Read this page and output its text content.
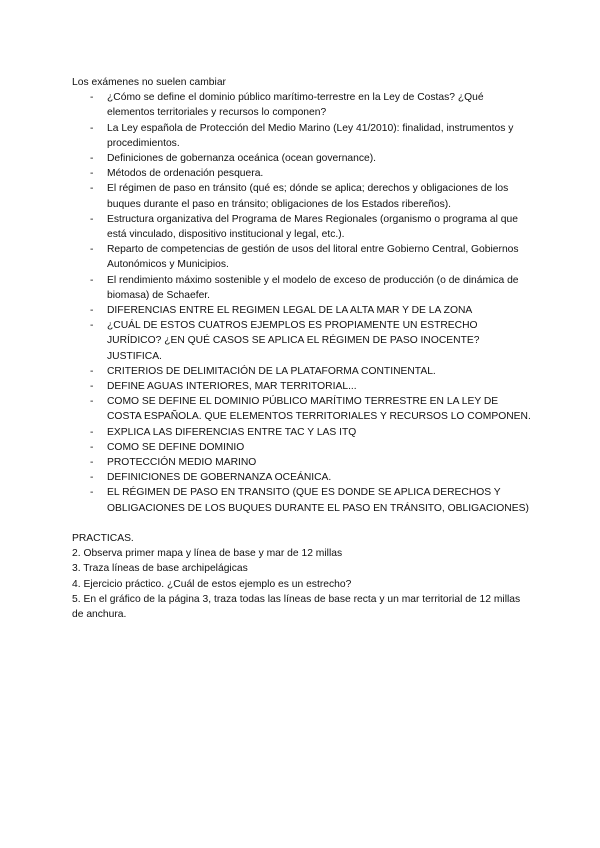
Los exámenes no suelen cambiar

- ¿Cómo se define el dominio público marítimo-terrestre en la Ley de Costas? ¿Qué elementos territoriales y recursos lo componen?
- La Ley española de Protección del Medio Marino (Ley 41/2010): finalidad, instrumentos y procedimientos.
- Definiciones de gobernanza oceánica (ocean governance).
- Métodos de ordenación pesquera.
- El régimen de paso en tránsito (qué es; dónde se aplica; derechos y obligaciones de los buques durante el paso en tránsito; obligaciones de los Estados ribereños).
- Estructura organizativa del Programa de Mares Regionales (organismo o programa al que está vinculado, dispositivo institucional y legal, etc.).
- Reparto de competencias de gestión de usos del litoral entre Gobierno Central, Gobiernos Autonómicos y Municipios.
- El rendimiento máximo sostenible y el modelo de exceso de producción (o de dinámica de biomasa) de Schaefer.
- DIFERENCIAS ENTRE EL REGIMEN LEGAL DE LA ALTA MAR Y DE LA ZONA
- ¿CUÁL DE ESTOS CUATROS EJEMPLOS ES PROPIAMENTE UN ESTRECHO JURÍDICO? ¿EN QUÉ CASOS SE APLICA EL RÉGIMEN DE PASO INOCENTE? JUSTIFICA.
- CRITERIOS DE DELIMITACIÓN DE LA PLATAFORMA CONTINENTAL.
- DEFINE AGUAS INTERIORES, MAR TERRITORIAL...
- COMO SE DEFINE EL DOMINIO PÚBLICO MARÍTIMO TERRESTRE EN LA LEY DE COSTA ESPAÑOLA. QUE ELEMENTOS TERRITORIALES Y RECURSOS LO COMPONEN.
- EXPLICA LAS DIFERENCIAS ENTRE TAC Y LAS ITQ
- COMO SE DEFINE DOMINIO
- PROTECCIÓN MEDIO MARINO
- DEFINICIONES DE GOBERNANZA OCEÁNICA.
- EL RÉGIMEN DE PASO EN TRANSITO (QUE ES DONDE SE APLICA DERECHOS Y OBLIGACIONES DE LOS BUQUES DURANTE EL PASO EN TRÁNSITO, OBLIGACIONES)

PRACTICAS.

2. Observa primer mapa y línea de base y mar de 12 millas

3. Traza líneas de base archipelágicas

4. Ejercicio práctico. ¿Cuál de estos ejemplo es un estrecho?

5. En el gráfico de la página 3, traza todas las líneas de base recta y un mar territorial de 12 millas de anchura.
